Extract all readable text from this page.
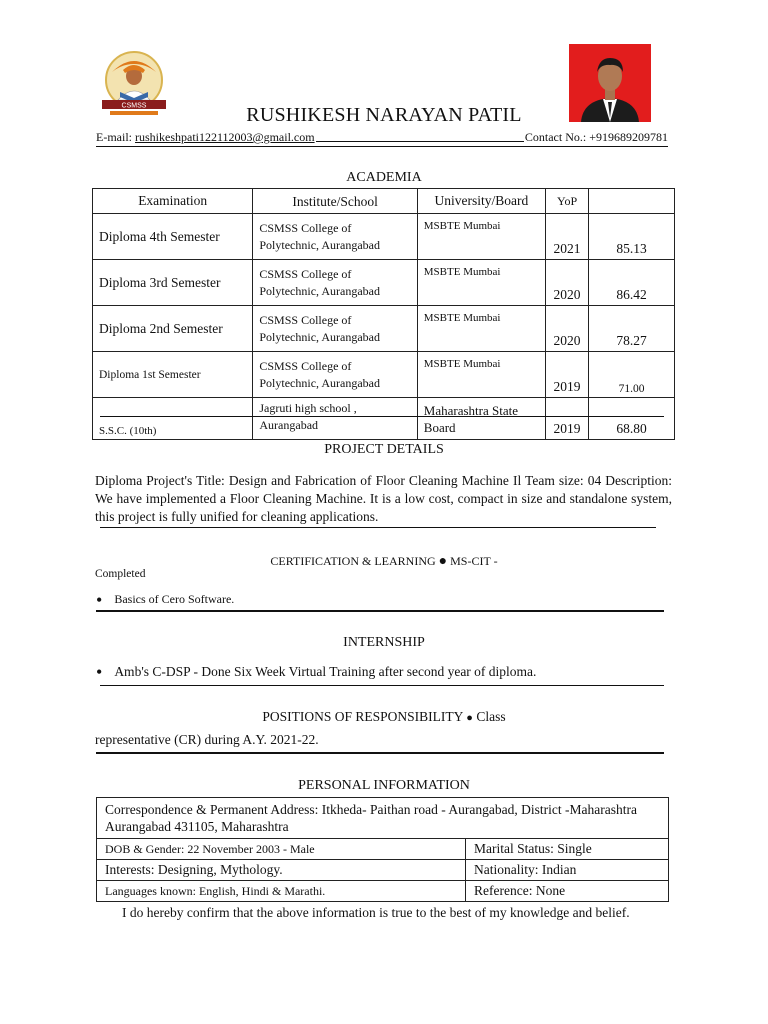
CSMSS	RUSHIKESH NARAYAN PATIL
E-mail:
rushikeshpati122112003@gmail.com	Contact No.:
+919689209781
ACADEMIA
Examination	Institute/School	University/Board	YoP	
Diploma 4th Semester	CSMSS College of Polytechnic, Aurangabad	MSBTE Mumbai	2021	85.13
Diploma 3rd Semester	CSMSS College of Polytechnic, Aurangabad	MSBTE Mumbai	2020	86.42
Diploma 2nd Semester	CSMSS College of Polytechnic, Aurangabad	MSBTE Mumbai	2020	78.27
Diploma 1st Semester	CSMSS College of Polytechnic, Aurangabad	MSBTE Mumbai	2019	71.00
S.S.C. (10th)	Jagruti high school , Aurangabad	Maharashtra State Board	2019	68.80
PROJECT DETAILS
Diploma Project's Title: Design and Fabrication of Floor Cleaning Machine Il Team size: 04 Description: We have implemented a Floor Cleaning Machine. It is a low cost, compact in size and standalone system, this project is fully unified for cleaning applications.
CERTIFICATION & LEARNING ● MS-CIT -
Completed
• Basics of Cero Software.
INTERNSHIP
• Amb's C-DSP - Done Six Week Virtual Training after second year of diploma.
POSITIONS OF RESPONSIBILITY ● Class
representative (CR) during A.Y. 2021-22.
PERSONAL INFORMATION
Correspondence & Permanent Address: Itkheda- Paithan road - Aurangabad, District -Maharashtra Aurangabad 431105, Maharashtra	
DOB & Gender: 22 November 2003 - Male	Marital Status: Single
Interests: Designing, Mythology.	Nationality: Indian
Languages known: English, Hindi & Marathi.	Reference: None
I do hereby confirm that the above information is true to the best of my knowledge and belief.
